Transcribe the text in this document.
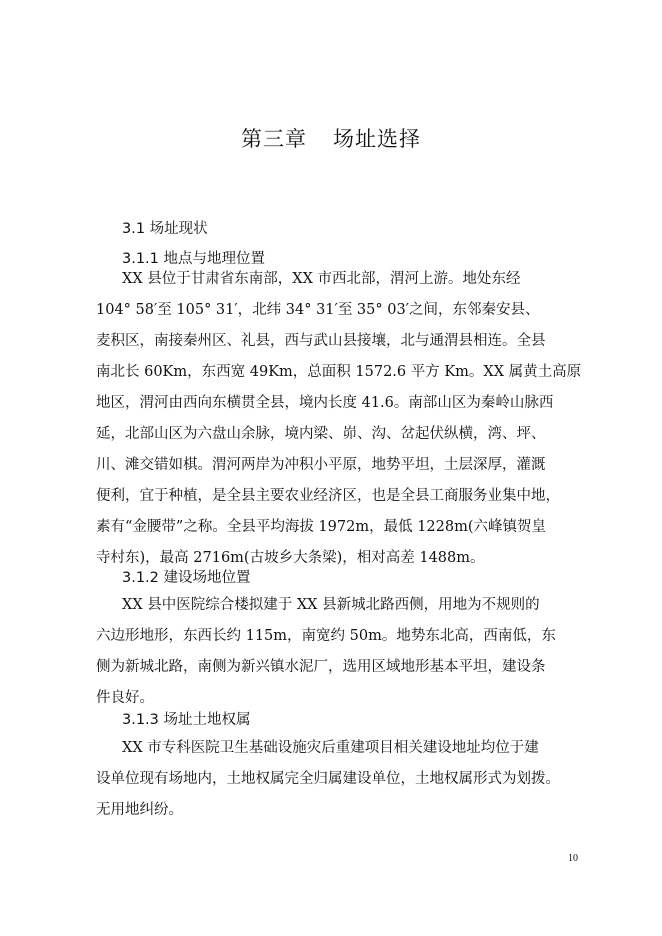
第三章 场址选择
3.1 场址现状
3.1.1 地点与地理位置
XX 县位于甘肃省东南部，XX 市西北部，渭河上游。地处东经
104° 58′至 105° 31′，北纬 34° 31′至 35° 03′之间，东邻秦安县、
麦积区，南接秦州区、礼县，西与武山县接壤，北与通渭县相连。全县
南北长 60Km，东西宽 49Km，总面积 1572.6 平方 Km。XX 属黄土高原
地区，渭河由西向东横贯全县，境内长度 41.6。南部山区为秦岭山脉西
延，北部山区为六盘山余脉，境内梁、峁、沟、岔起伏纵横，湾、坪、
川、滩交错如棋。渭河两岸为冲积小平原，地势平坦，土层深厚，灌溉
便利，宜于种植，是全县主要农业经济区，也是全县工商服务业集中地，
素有“金腰带”之称。全县平均海拔 1972m，最低 1228m(六峰镇贺皇
寺村东)，最高 2716m(古坡乡大条梁)，相对高差 1488m。
3.1.2 建设场地位置
XX 县中医院综合楼拟建于 XX 县新城北路西侧，用地为不规则的
六边形地形，东西长约 115m，南宽约 50m。地势东北高，西南低，东
侧为新城北路，南侧为新兴镇水泥厂，选用区域地形基本平坦，建设条
件良好。
3.1.3 场址土地权属
XX 市专科医院卫生基础设施灾后重建项目相关建设地址均位于建
设单位现有场地内，土地权属完全归属建设单位，土地权属形式为划拨。
无用地纠纷。
10
